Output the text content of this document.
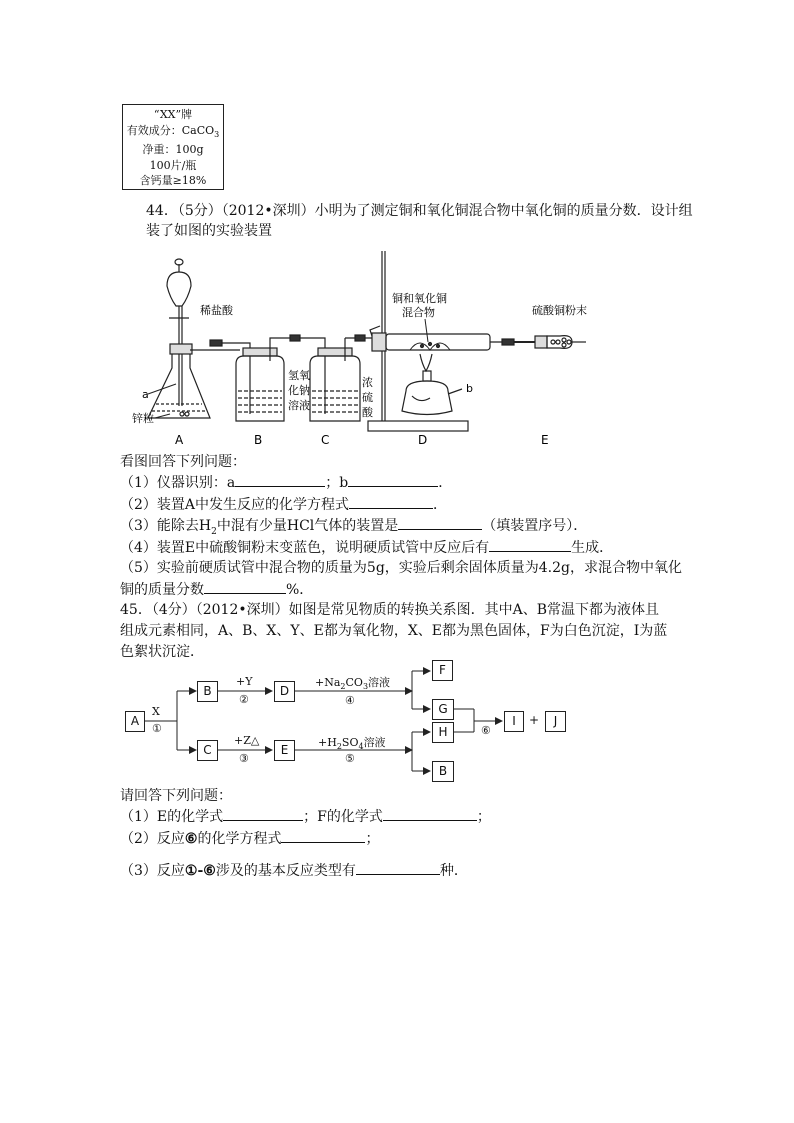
“XX”牌
有效成分：CaCO$_3$
净重：100g
100片/瓶
含钙量≥18%
44．（5分）（2012•深圳）小明为了测定铜和氧化铜混合物中氧化铜的质量分数．设计组
装了如图的实验装置
稀盐酸
a
锌粒
氢氧
化钠
溶液
浓
硫
酸
铜和氧化铜
混合物
b
硫酸铜粉末
A	B	C	D	E
看图回答下列问题：
（1）仪器识别：a	；b	．
（2）装置A中发生反应的化学方程式	．
（3）能除去$H_2$中混有少量HCl气体的装置是	（填装置序号）．
（4）装置E中硫酸铜粉末变蓝色，说明硬质试管中反应后有	生成．
（5）实验前硬质试管中混合物的质量为5g，实验后剩余固体质量为4.2g，求混合物中氧化
铜的质量分数	%．
45．（4分）（2012•深圳）如图是常见物质的转换关系图．其中A、B常温下都为液体且
组成元素相同，A、B、X、Y、E都为氧化物，X、E都为黑色固体，F为白色沉淀，I为蓝
色絮状沉淀．
A
B
C
D
E
F
G
H
B
I	+	J
X
①
+Y
②
+Z△
③
$+Na_2CO_3$溶液
④
$+H_2SO_4$溶液
⑤
⑥
请回答下列问题：
（1）E的化学式	；F的化学式	；
（2）反应⑥的化学方程式	；
（3）反应①-⑥涉及的基本反应类型有	种．
